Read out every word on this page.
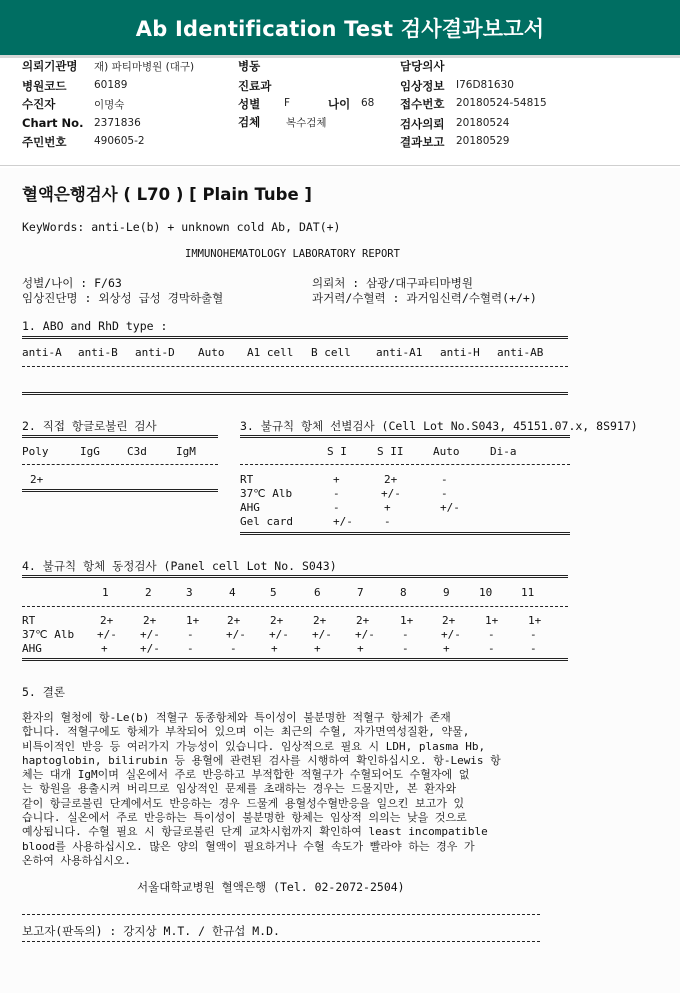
Ab Identification Test 검사결과보고서
의뢰기관명 재) 파티마병원 (대구)
병원코드	60189
수진자	이명숙
Chart No. 2371836
주민번호	490605-2
병동
진료과
성별 F	나이 68
검체 복수검체
담당의사
임상정보 I76D81630
접수번호 20180524-54815
검사의뢰 20180524
결과보고 20180529
혈액은행검사 ( L70 ) [ Plain Tube ]
KeyWords: anti-Le(b) + unknown cold Ab, DAT(+)
IMMUNOHEMATOLOGY LABORATORY REPORT
성별/나이 : F/63
임상진단명 : 외상성 급성 경막하출혈
의뢰처 : 삼광/대구파티마병원
과거력/수혈력 : 과거임신력/수혈력(+/+)
1. ABO and RhD type :
anti-A anti-B anti-D Auto A1 cell B cell anti-A1 anti-H anti-AB
2. 직접 항글로불린 검사
Poly	IgG C3d	IgM
2+
3. 불규칙 항체 선별검사 (Cell Lot No.S043, 45151.07.x, 8S917)
S I	S II	Auto	Di-a
RT	+	2+	-
37℃ Alb	-	+/-	-
AHG	-	+	+/-
Gel card	+/-	-
4. 불규칙 항체 동정검사 (Panel cell Lot No. S043)
1	2	3	4	5	6	7	8	9	10	11
RT	2+	2+	1+	2+	2+	2+	2+	1+	2+	1+	1+
37℃ Alb +/- +/- -	+/- +/- +/- +/- -	+/- -	-
AHG	+	+/- -	-	+	+	+	-	+	-	-
5. 결론
환자의 혈청에 항-Le(b) 적혈구 동종항체와 특이성이 불분명한 적혈구 항체가 존재
합니다. 적혈구에도 항체가 부착되어 있으며 이는 최근의 수혈, 자가면역성질환, 약물,
비특이적인 반응 등 여러가지 가능성이 있습니다. 임상적으로 필요 시 LDH, plasma Hb,
haptoglobin, bilirubin 등 용혈에 관련된 검사를 시행하여 확인하십시오. 항-Lewis 항
체는 대개 IgM이며 실온에서 주로 반응하고 부적합한 적혈구가 수혈되어도 수혈자에 없
는 항원을 용출시켜 버리므로 임상적인 문제를 초래하는 경우는 드물지만, 본 환자와
같이 항글로불린 단계에서도 반응하는 경우 드물게 용혈성수혈반응을 일으킨 보고가 있
습니다. 실온에서 주로 반응하는 특이성이 불분명한 항체는 임상적 의의는 낮을 것으로
예상됩니다. 수혈 필요 시 항글로불린 단계 교차시험까지 확인하여 least incompatible
blood를 사용하십시오. 많은 양의 혈액이 필요하거나 수혈 속도가 빨라야 하는 경우 가
온하여 사용하십시오.
서울대학교병원 혈액은행 (Tel. 02-2072-2504)
보고자(판독의) : 강지상 M.T. / 한규섭 M.D.
